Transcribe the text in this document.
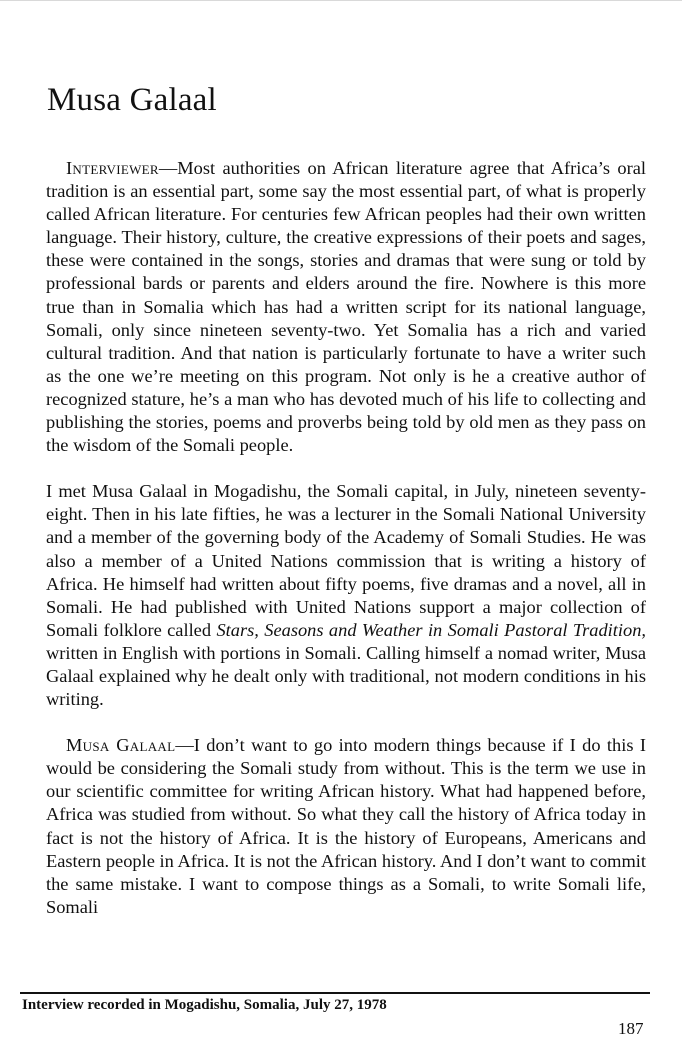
Musa Galaal

Interviewer—Most authorities on African literature agree that Africa’s oral tradition is an essential part, some say the most essential part, of what is properly called African literature. For centuries few African peoples had their own written language. Their history, culture, the creative expressions of their poets and sages, these were contained in the songs, stories and dramas that were sung or told by professional bards or parents and elders around the fire. Nowhere is this more true than in Somalia which has had a written script for its national language, Somali, only since nineteen seventy-two. Yet Somalia has a rich and varied cultural tradition. And that nation is particularly fortunate to have a writer such as the one we’re meeting on this program. Not only is he a creative author of recognized stature, he’s a man who has devoted much of his life to collecting and publishing the stories, poems and proverbs being told by old men as they pass on the wisdom of the Somali people.

I met Musa Galaal in Mogadishu, the Somali capital, in July, nineteen seventy-eight. Then in his late fifties, he was a lecturer in the Somali National University and a member of the governing body of the Academy of Somali Studies. He was also a member of a United Nations commission that is writing a history of Africa. He himself had written about fifty poems, five dramas and a novel, all in Somali. He had published with United Nations support a major collection of Somali folklore called Stars, Seasons and Weather in Somali Pastoral Tradition, written in English with portions in Somali. Calling himself a nomad writer, Musa Galaal explained why he dealt only with traditional, not modern conditions in his writing.

Musa Galaal—I don’t want to go into modern things because if I do this I would be considering the Somali study from without. This is the term we use in our scientific committee for writing African history. What had happened before, Africa was studied from without. So what they call the history of Africa today in fact is not the history of Africa. It is the history of Europeans, Americans and Eastern people in Africa. It is not the African history. And I don’t want to commit the same mistake. I want to compose things as a Somali, to write Somali life, Somali

Interview recorded in Mogadishu, Somalia, July 27, 1978
187
